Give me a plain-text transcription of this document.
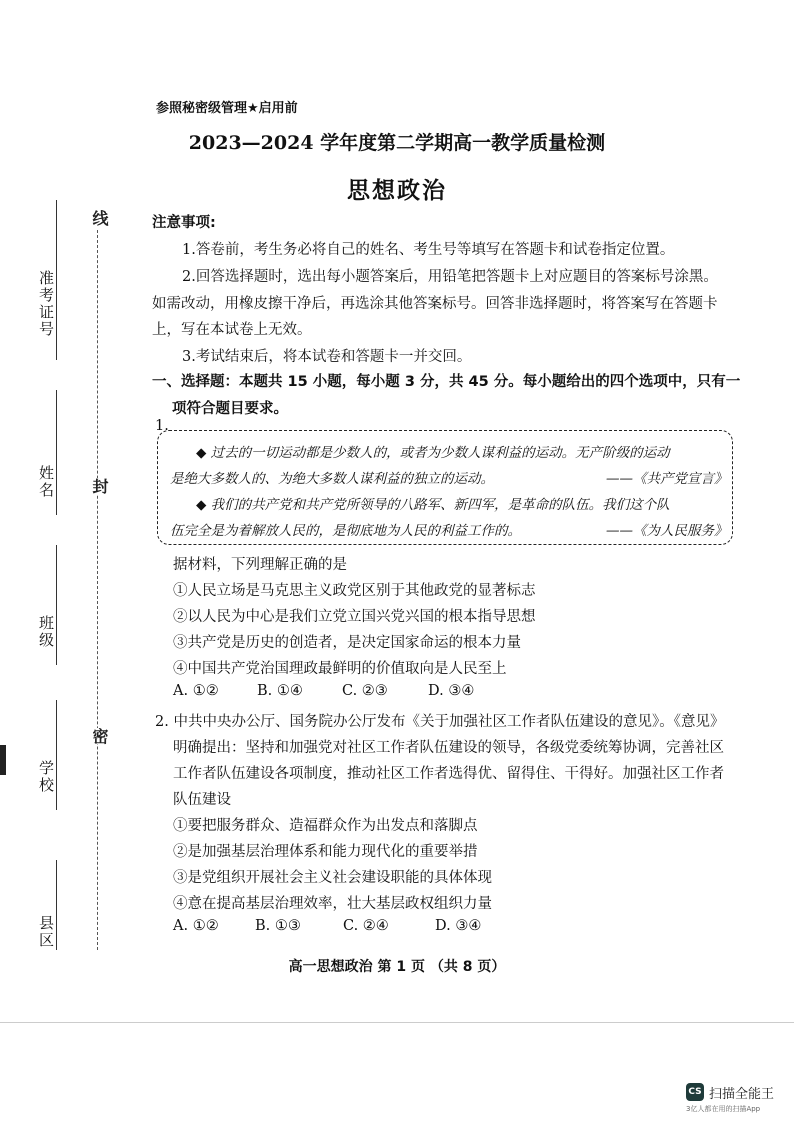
准考证号
姓名
班级
学校
县区
线
封
密
参照秘密级管理★启用前
2023—2024 学年度第二学期高一教学质量检测
思想政治
注意事项:
1.答卷前，考生务必将自己的姓名、考生号等填写在答题卡和试卷指定位置。
2.回答选择题时，选出每小题答案后，用铅笔把答题卡上对应题目的答案标号涂黑。
如需改动，用橡皮擦干净后，再选涂其他答案标号。回答非选择题时，将答案写在答题卡
上，写在本试卷上无效。
3.考试结束后，将本试卷和答题卡一并交回。
一、选择题：本题共 15 小题，每小题 3 分，共 45 分。每小题给出的四个选项中，只有一
项符合题目要求。
1.
◆ 过去的一切运动都是少数人的，或者为少数人谋利益的运动。无产阶级的运动
是绝大多数人的、为绝大多数人谋利益的独立的运动。	——《共产党宣言》
◆ 我们的共产党和共产党所领导的八路军、新四军，是革命的队伍。我们这个队
伍完全是为着解放人民的，是彻底地为人民的利益工作的。	——《为人民服务》
据材料，下列理解正确的是
①人民立场是马克思主义政党区别于其他政党的显著标志
②以人民为中心是我们立党立国兴党兴国的根本指导思想
③共产党是历史的创造者，是决定国家命运的根本力量
④中国共产党治国理政最鲜明的价值取向是人民至上
A. ①②	B. ①④	C. ②③	D. ③④
2. 中共中央办公厅、国务院办公厅发布《关于加强社区工作者队伍建设的意见》。《意见》
明确提出：坚持和加强党对社区工作者队伍建设的领导，各级党委统筹协调，完善社区
工作者队伍建设各项制度，推动社区工作者选得优、留得住、干得好。加强社区工作者
队伍建设
①要把服务群众、造福群众作为出发点和落脚点
②是加强基层治理体系和能力现代化的重要举措
③是党组织开展社会主义社会建设职能的具体体现
④意在提高基层治理效率，壮大基层政权组织力量
A. ①②	B. ①③	C. ②④	D. ③④
高一思想政治 第 1 页 （共 8 页）
CS 扫描全能王
3亿人都在用的扫描App
